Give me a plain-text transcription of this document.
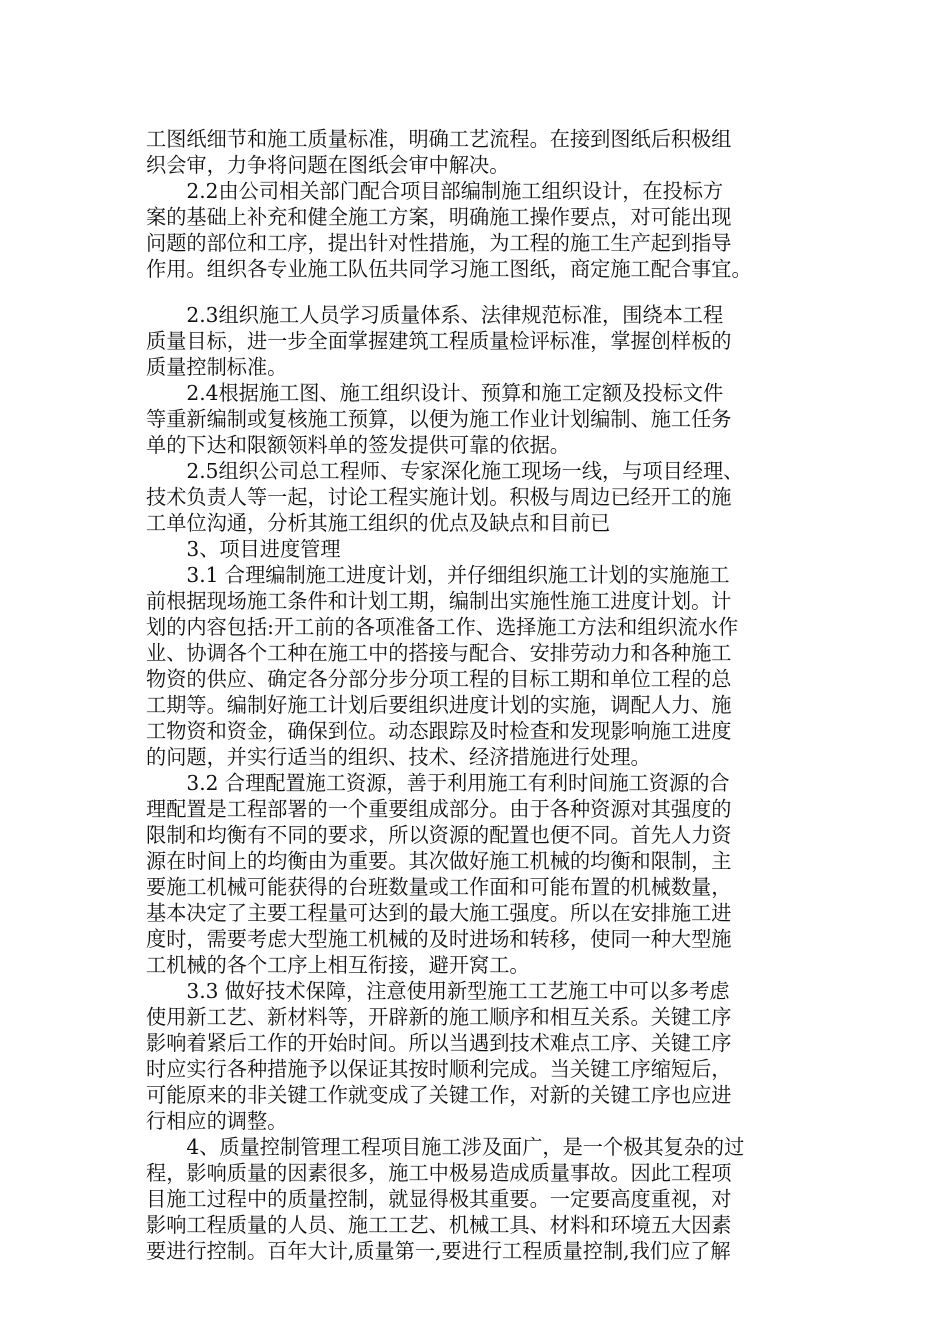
工图纸细节和施工质量标准，明确工艺流程。在接到图纸后积极组
织会审，力争将问题在图纸会审中解决。
　　2.2由公司相关部门配合项目部编制施工组织设计，在投标方
案的基础上补充和健全施工方案，明确施工操作要点，对可能出现
问题的部位和工序，提出针对性措施，为工程的施工生产起到指导
作用。组织各专业施工队伍共同学习施工图纸，商定施工配合事宜。
　　2.3组织施工人员学习质量体系、法律规范标准，围绕本工程
质量目标，进一步全面掌握建筑工程质量检评标准，掌握创样板的
质量控制标准。
　　2.4根据施工图、施工组织设计、预算和施工定额及投标文件
等重新编制或复核施工预算，以便为施工作业计划编制、施工任务
单的下达和限额领料单的签发提供可靠的依据。
　　2.5组织公司总工程师、专家深化施工现场一线，与项目经理、
技术负责人等一起，讨论工程实施计划。积极与周边已经开工的施
工单位沟通，分析其施工组织的优点及缺点和目前已
　　3、项目进度管理
　　3.1 合理编制施工进度计划，并仔细组织施工计划的实施施工
前根据现场施工条件和计划工期，编制出实施性施工进度计划。计
划的内容包括:开工前的各项准备工作、选择施工方法和组织流水作
业、协调各个工种在施工中的搭接与配合、安排劳动力和各种施工
物资的供应、确定各分部分步分项工程的目标工期和单位工程的总
工期等。编制好施工计划后要组织进度计划的实施，调配人力、施
工物资和资金，确保到位。动态跟踪及时检查和发现影响施工进度
的问题，并实行适当的组织、技术、经济措施进行处理。
　　3.2 合理配置施工资源，善于利用施工有利时间施工资源的合
理配置是工程部署的一个重要组成部分。由于各种资源对其强度的
限制和均衡有不同的要求，所以资源的配置也便不同。首先人力资
源在时间上的均衡由为重要。其次做好施工机械的均衡和限制，主
要施工机械可能获得的台班数量或工作面和可能布置的机械数量，
基本决定了主要工程量可达到的最大施工强度。所以在安排施工进
度时，需要考虑大型施工机械的及时进场和转移，使同一种大型施
工机械的各个工序上相互衔接，避开窝工。
　　3.3 做好技术保障，注意使用新型施工工艺施工中可以多考虑
使用新工艺、新材料等，开辟新的施工顺序和相互关系。关键工序
影响着紧后工作的开始时间。所以当遇到技术难点工序、关键工序
时应实行各种措施予以保证其按时顺利完成。当关键工序缩短后，
可能原来的非关键工作就变成了关键工作，对新的关键工序也应进
行相应的调整。
　　4、质量控制管理工程项目施工涉及面广，是一个极其复杂的过
程，影响质量的因素很多，施工中极易造成质量事故。因此工程项
目施工过程中的质量控制，就显得极其重要。一定要高度重视，对
影响工程质量的人员、施工工艺、机械工具、材料和环境五大因素
要进行控制。百年大计,质量第一,要进行工程质量控制,我们应了解
